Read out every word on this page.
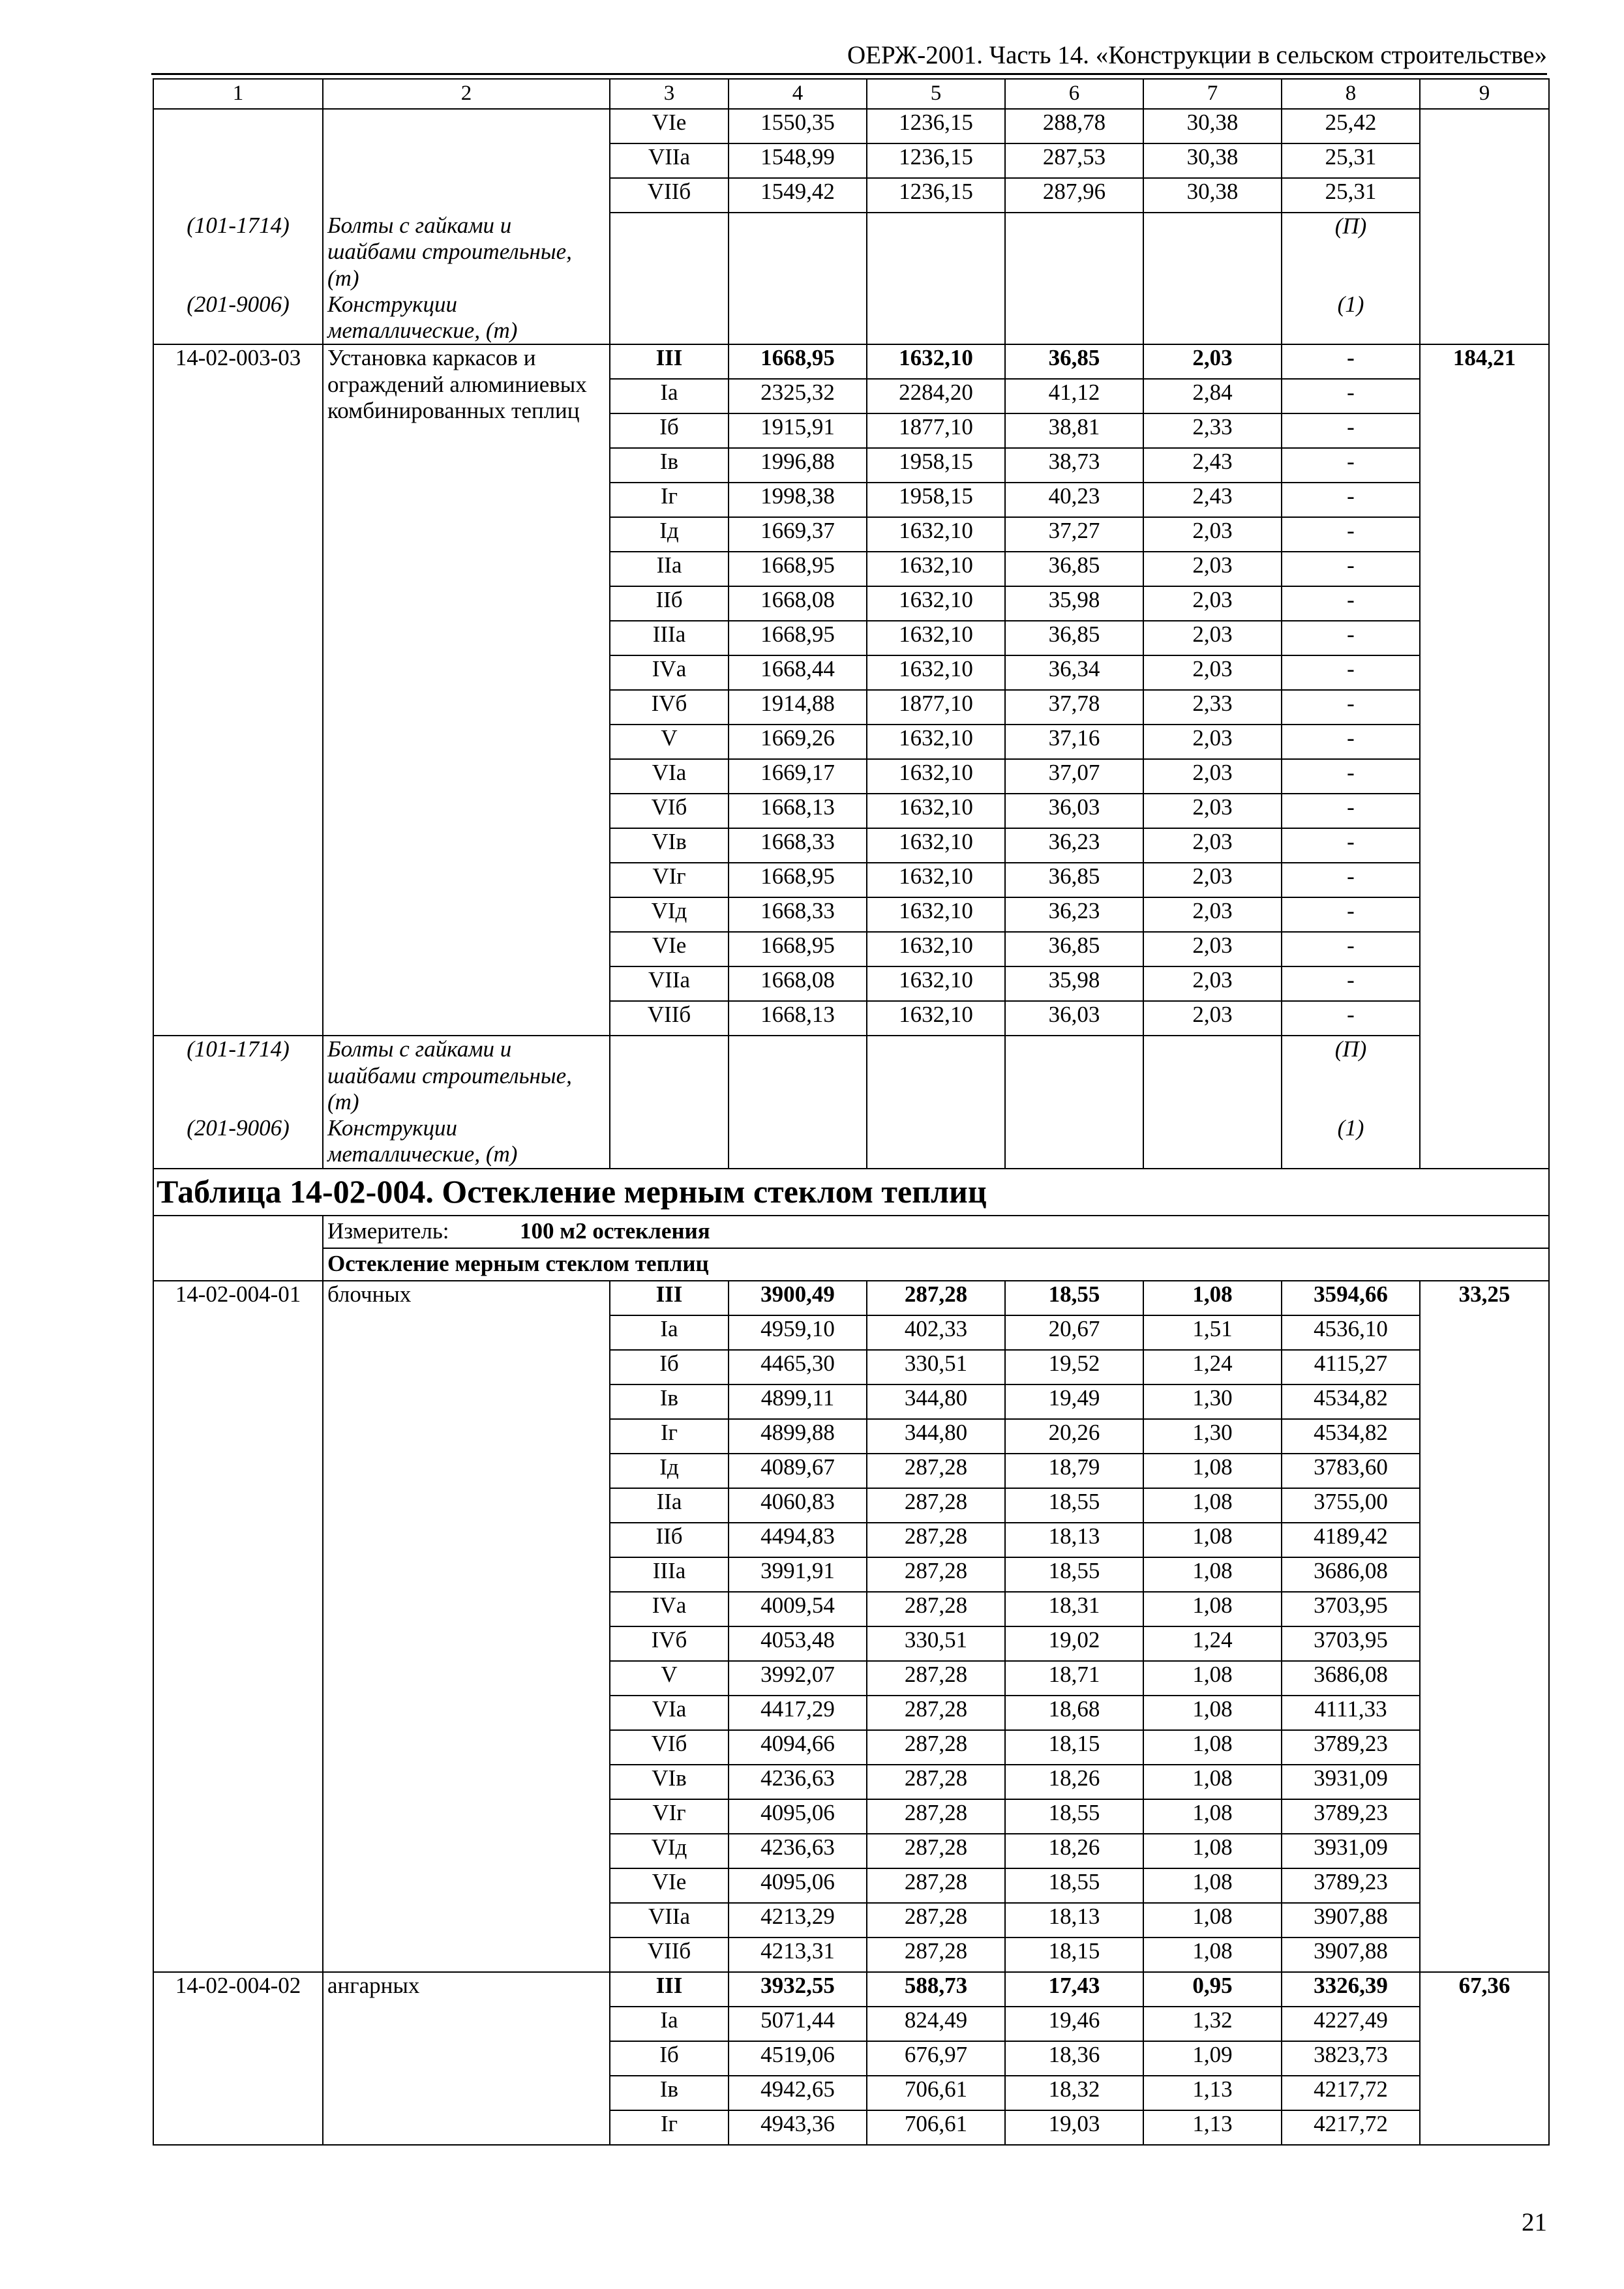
ОЕРЖ-2001. Часть 14. «Конструкции в сельском строительстве»
1	2	3	4	5	6	7	8	9
		VIе	1550,35	1236,15	288,78	30,38	25,42	
		VIIа	1548,99	1236,15	287,53	30,38	25,31	
		VIIб	1549,42	1236,15	287,96	30,38	25,31	
(101-1714)	Болты с гайками и шайбами строительные, (т)						(П)	
(201-9006)	Конструкции металлические, (т)						(1)	
14-02-003-03	Установка каркасов и ограждений алюминиевых комбинированных теплиц	III	1668,95	1632,10	36,85	2,03	-	184,21
		Iа	2325,32	2284,20	41,12	2,84	-	
		Iб	1915,91	1877,10	38,81	2,33	-	
		Iв	1996,88	1958,15	38,73	2,43	-	
		Iг	1998,38	1958,15	40,23	2,43	-	
		Iд	1669,37	1632,10	37,27	2,03	-	
		IIа	1668,95	1632,10	36,85	2,03	-	
		IIб	1668,08	1632,10	35,98	2,03	-	
		IIIа	1668,95	1632,10	36,85	2,03	-	
		IVа	1668,44	1632,10	36,34	2,03	-	
		IVб	1914,88	1877,10	37,78	2,33	-	
		V	1669,26	1632,10	37,16	2,03	-	
		VIа	1669,17	1632,10	37,07	2,03	-	
		VIб	1668,13	1632,10	36,03	2,03	-	
		VIв	1668,33	1632,10	36,23	2,03	-	
		VIг	1668,95	1632,10	36,85	2,03	-	
		VIд	1668,33	1632,10	36,23	2,03	-	
		VIе	1668,95	1632,10	36,85	2,03	-	
		VIIа	1668,08	1632,10	35,98	2,03	-	
		VIIб	1668,13	1632,10	36,03	2,03	-	
(101-1714)	Болты с гайками и шайбами строительные, (т)						(П)	
(201-9006)	Конструкции металлические, (т)						(1)	
Таблица 14-02-004. Остекление мерным стеклом теплиц								
	Измеритель: 100 м2 остекления							
	Остекление мерным стеклом теплиц							
14-02-004-01	блочных	III	3900,49	287,28	18,55	1,08	3594,66	33,25
		Iа	4959,10	402,33	20,67	1,51	4536,10	
		Iб	4465,30	330,51	19,52	1,24	4115,27	
		Iв	4899,11	344,80	19,49	1,30	4534,82	
		Iг	4899,88	344,80	20,26	1,30	4534,82	
		Iд	4089,67	287,28	18,79	1,08	3783,60	
		IIа	4060,83	287,28	18,55	1,08	3755,00	
		IIб	4494,83	287,28	18,13	1,08	4189,42	
		IIIа	3991,91	287,28	18,55	1,08	3686,08	
		IVа	4009,54	287,28	18,31	1,08	3703,95	
		IVб	4053,48	330,51	19,02	1,24	3703,95	
		V	3992,07	287,28	18,71	1,08	3686,08	
		VIа	4417,29	287,28	18,68	1,08	4111,33	
		VIб	4094,66	287,28	18,15	1,08	3789,23	
		VIв	4236,63	287,28	18,26	1,08	3931,09	
		VIг	4095,06	287,28	18,55	1,08	3789,23	
		VIд	4236,63	287,28	18,26	1,08	3931,09	
		VIе	4095,06	287,28	18,55	1,08	3789,23	
		VIIа	4213,29	287,28	18,13	1,08	3907,88	
		VIIб	4213,31	287,28	18,15	1,08	3907,88	
14-02-004-02	ангарных	III	3932,55	588,73	17,43	0,95	3326,39	67,36
		Iа	5071,44	824,49	19,46	1,32	4227,49	
		Iб	4519,06	676,97	18,36	1,09	3823,73	
		Iв	4942,65	706,61	18,32	1,13	4217,72	
		Iг	4943,36	706,61	19,03	1,13	4217,72	
21
